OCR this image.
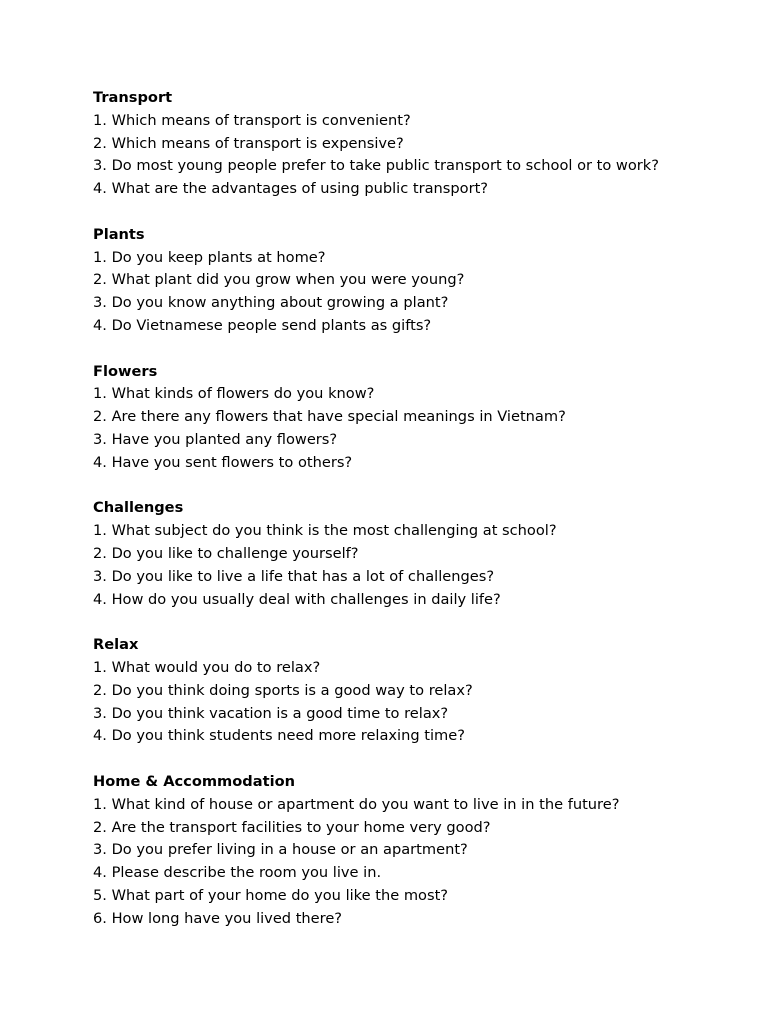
Transport
1. Which means of transport is convenient?
2. Which means of transport is expensive?
3. Do most young people prefer to take public transport to school or to work?
4. What are the advantages of using public transport?
Plants
1. Do you keep plants at home?
2. What plant did you grow when you were young?
3. Do you know anything about growing a plant?
4. Do Vietnamese people send plants as gifts?
Flowers
1. What kinds of flowers do you know?
2. Are there any flowers that have special meanings in Vietnam?
3. Have you planted any flowers?
4. Have you sent flowers to others?
Challenges
1. What subject do you think is the most challenging at school?
2. Do you like to challenge yourself?
3. Do you like to live a life that has a lot of challenges?
4. How do you usually deal with challenges in daily life?
Relax
1. What would you do to relax?
2. Do you think doing sports is a good way to relax?
3. Do you think vacation is a good time to relax?
4. Do you think students need more relaxing time?
Home & Accommodation
1. What kind of house or apartment do you want to live in in the future?
2. Are the transport facilities to your home very good?
3. Do you prefer living in a house or an apartment?
4. Please describe the room you live in.
5. What part of your home do you like the most?
6. How long have you lived there?
